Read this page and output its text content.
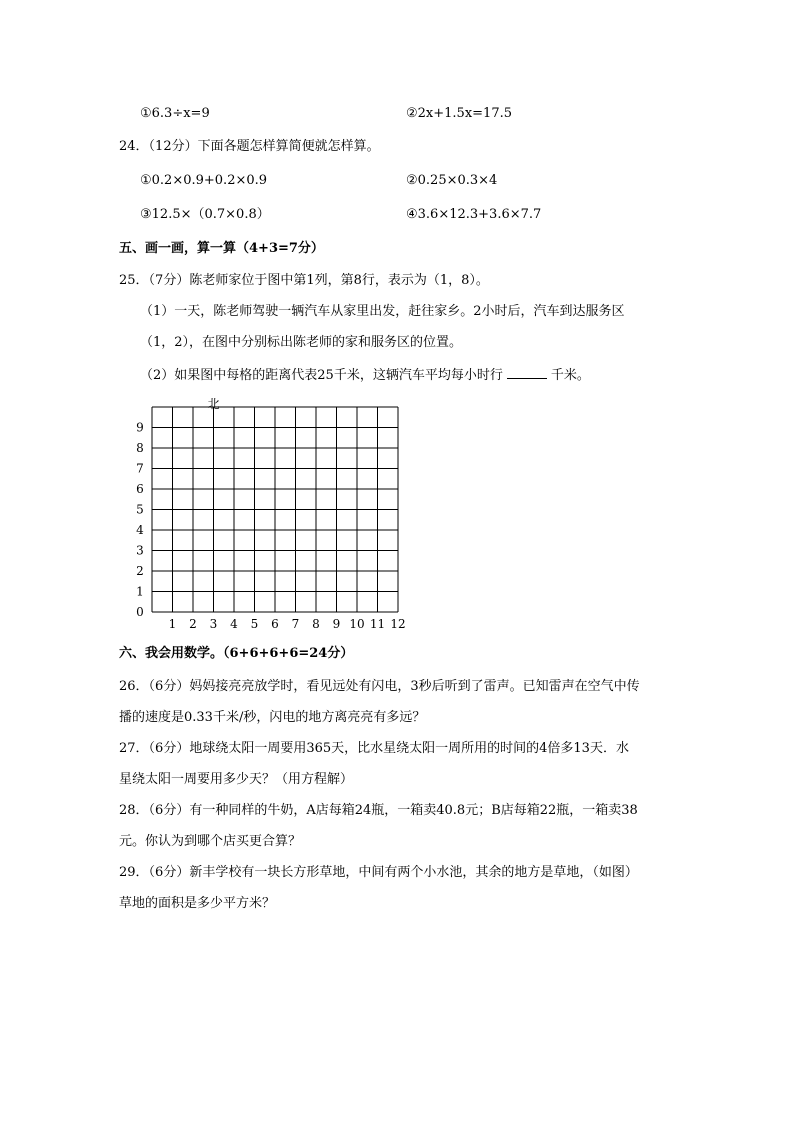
①6.3÷x=9	②2x+1.5x=17.5
24．（12分）下面各题怎样算简便就怎样算。
①0.2×0.9+0.2×0.9	②0.25×0.3×4
③12.5×（0.7×0.8）	④3.6×12.3+3.6×7.7
五、画一画，算一算（4+3=7分）
25．（7分）陈老师家位于图中第1列，第8行，表示为（1，8）。
（1）一天，陈老师驾驶一辆汽车从家里出发，赶往家乡。2小时后，汽车到达服务区
（1，2），在图中分别标出陈老师的家和服务区的位置。
（2）如果图中每格的距离代表25千米，这辆汽车平均每小时行	千米。
北
0
1
2
3
4
5
6
7
8
9
1 2 3 4 5 6 7 8 9 10 11 12
六、我会用数学。（6+6+6+6=24分）
26．（6分）妈妈接亮亮放学时，看见远处有闪电，3秒后听到了雷声。已知雷声在空气中传
播的速度是0.33千米/秒，闪电的地方离亮亮有多远？
27．（6分）地球绕太阳一周要用365天，比水星绕太阳一周所用的时间的4倍多13天．水
星绕太阳一周要用多少天？（用方程解）
28．（6分）有一种同样的牛奶，A店每箱24瓶，一箱卖40.8元；B店每箱22瓶，一箱卖38
元。你认为到哪个店买更合算？
29．（6分）新丰学校有一块长方形草地，中间有两个小水池，其余的地方是草地，（如图）
草地的面积是多少平方米？
